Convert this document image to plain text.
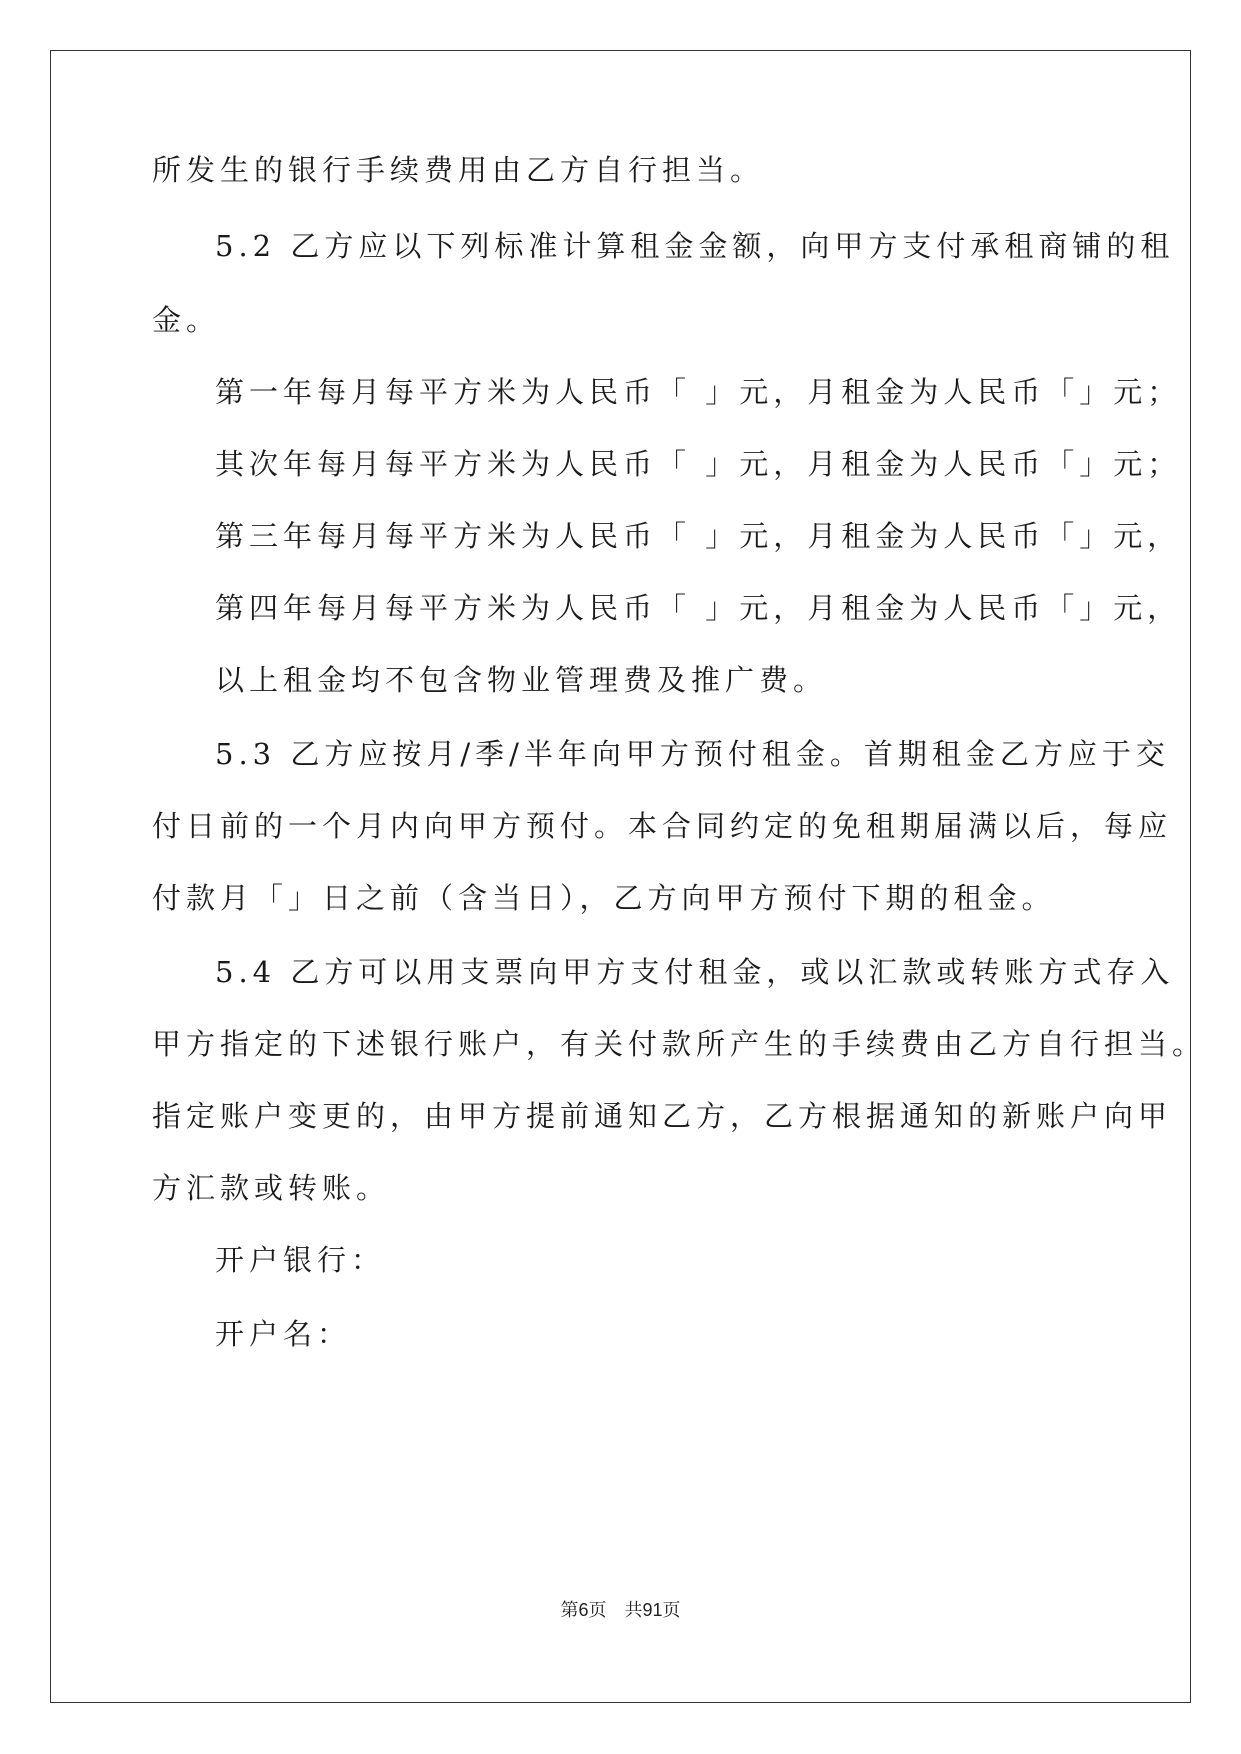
所发生的银行手续费用由乙方自行担当。
5.2 乙方应以下列标准计算租金金额，向甲方支付承租商铺的租
金。
第一年每月每平方米为人民币「 」元，月租金为人民币「」元；
其次年每月每平方米为人民币「 」元，月租金为人民币「」元；
第三年每月每平方米为人民币「 」元，月租金为人民币「」元，
第四年每月每平方米为人民币「 」元，月租金为人民币「」元，
以上租金均不包含物业管理费及推广费。
5.3 乙方应按月/季/半年向甲方预付租金。首期租金乙方应于交
付日前的一个月内向甲方预付。本合同约定的免租期届满以后，每应
付款月「」日之前（含当日），乙方向甲方预付下期的租金。
5.4 乙方可以用支票向甲方支付租金，或以汇款或转账方式存入
甲方指定的下述银行账户，有关付款所产生的手续费由乙方自行担当。
指定账户变更的，由甲方提前通知乙方，乙方根据通知的新账户向甲
方汇款或转账。
开户银行：
开户名：
第6页　共91页
